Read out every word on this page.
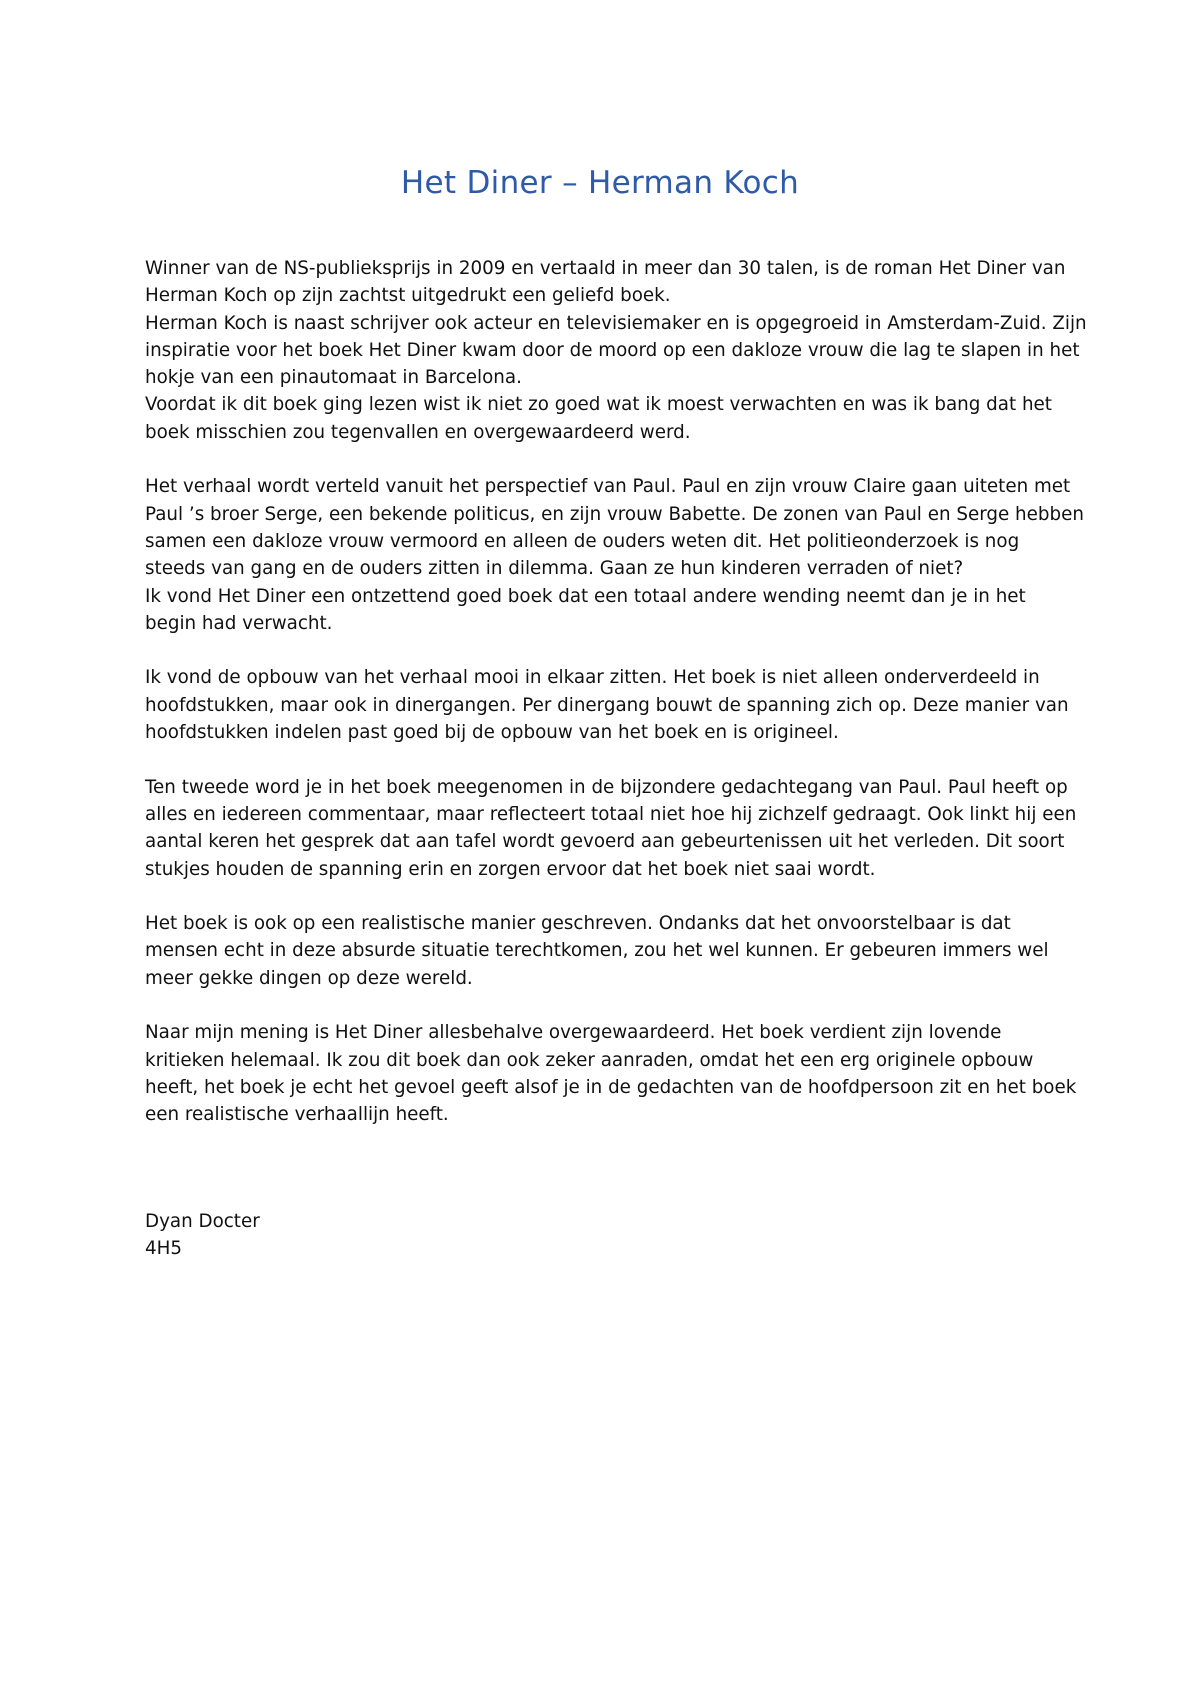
Het Diner – Herman Koch
Winner van de NS-publieksprijs in 2009 en vertaald in meer dan 30 talen, is de roman Het Diner van
Herman Koch op zijn zachtst uitgedrukt een geliefd boek.
Herman Koch is naast schrijver ook acteur en televisiemaker en is opgegroeid in Amsterdam-Zuid. Zijn
inspiratie voor het boek Het Diner kwam door de moord op een dakloze vrouw die lag te slapen in het
hokje van een pinautomaat in Barcelona.
Voordat ik dit boek ging lezen wist ik niet zo goed wat ik moest verwachten en was ik bang dat het
boek misschien zou tegenvallen en overgewaardeerd werd.
Het verhaal wordt verteld vanuit het perspectief van Paul. Paul en zijn vrouw Claire gaan uiteten met
Paul ’s broer Serge, een bekende politicus, en zijn vrouw Babette. De zonen van Paul en Serge hebben
samen een dakloze vrouw vermoord en alleen de ouders weten dit. Het politieonderzoek is nog
steeds van gang en de ouders zitten in dilemma. Gaan ze hun kinderen verraden of niet?
Ik vond Het Diner een ontzettend goed boek dat een totaal andere wending neemt dan je in het
begin had verwacht.
Ik vond de opbouw van het verhaal mooi in elkaar zitten. Het boek is niet alleen onderverdeeld in
hoofdstukken, maar ook in dinergangen. Per dinergang bouwt de spanning zich op. Deze manier van
hoofdstukken indelen past goed bij de opbouw van het boek en is origineel.
Ten tweede word je in het boek meegenomen in de bijzondere gedachtegang van Paul. Paul heeft op
alles en iedereen commentaar, maar reflecteert totaal niet hoe hij zichzelf gedraagt. Ook linkt hij een
aantal keren het gesprek dat aan tafel wordt gevoerd aan gebeurtenissen uit het verleden. Dit soort
stukjes houden de spanning erin en zorgen ervoor dat het boek niet saai wordt.
Het boek is ook op een realistische manier geschreven. Ondanks dat het onvoorstelbaar is dat
mensen echt in deze absurde situatie terechtkomen, zou het wel kunnen. Er gebeuren immers wel
meer gekke dingen op deze wereld.
Naar mijn mening is Het Diner allesbehalve overgewaardeerd. Het boek verdient zijn lovende
kritieken helemaal. Ik zou dit boek dan ook zeker aanraden, omdat het een erg originele opbouw
heeft, het boek je echt het gevoel geeft alsof je in de gedachten van de hoofdpersoon zit en het boek
een realistische verhaallijn heeft.
Dyan Docter
4H5
